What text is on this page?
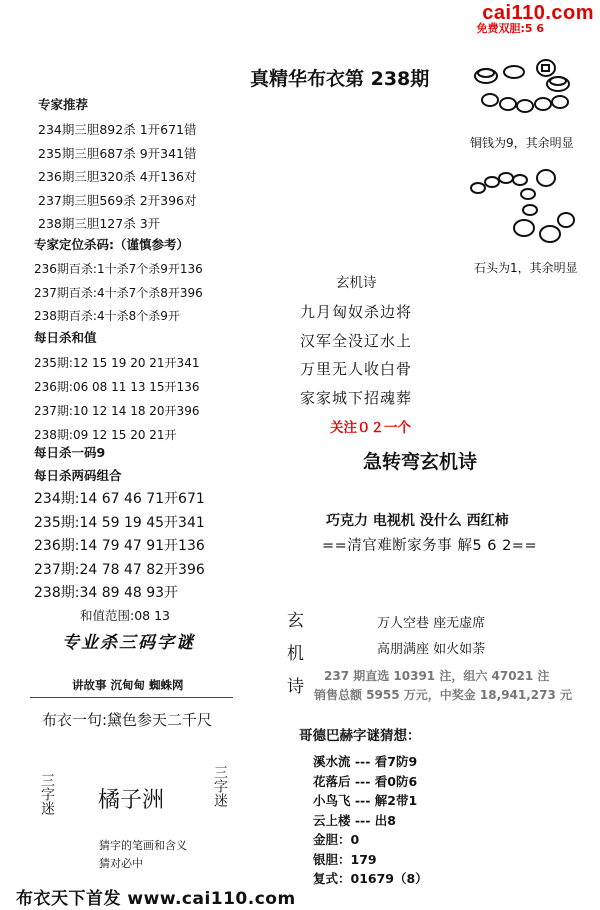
cai110.com
免费双胆:5 6
真精华布衣第 238期
专家推荐
234期三胆892杀 1开671错
235期三胆687杀 9开341错
236期三胆320杀 4开136对
237期三胆569杀 2开396对
238期三胆127杀 3开
专家定位杀码:（谨慎参考）
236期百杀:1十杀7个杀9开136
237期百杀:4十杀7个杀8开396
238期百杀:4十杀8个杀9开
每日杀和值
235期:12 15 19 20 21开341
236期:06 08 11 13 15开136
237期:10 12 14 18 20开396
238期:09 12 15 20 21开
每日杀一码9
每日杀两码组合
234期:14 67 46 71开671
235期:14 59 19 45开341
236期:14 79 47 91开136
237期:24 78 47 82开396
238期:34 89 48 93开
和值范围:08 13
专业杀三码字谜
讲故事 沉甸甸 蜘蛛网
布衣一句:黛色参天二千尺
三字迷 橘子洲	三字迷
猜字的笔画和含义
猜对必中
布衣天下首发 www.cai110.com
铜钱为9，其余明显
石头为1，其余明显
玄机诗
九月匈奴杀边将
汉军全没辽水上
万里无人收白骨
家家城下招魂葬
关注０２一个
急转弯玄机诗
巧克力 电视机 没什么 西红柿
==清官难断家务事 解5 6 2==
玄
机
诗
万人空巷 座无虚席
高朋满座 如火如荼
237 期直选 10391 注，组六 47021 注
销售总额 5955 万元，中奖金 18,941,273 元
哥德巴赫字谜猜想：
溪水流 --- 看7防9
花落后 --- 看0防6
小鸟飞 --- 解2带1
云上楼 --- 出8
金胆：0
银胆：179
复式：01679（8）
